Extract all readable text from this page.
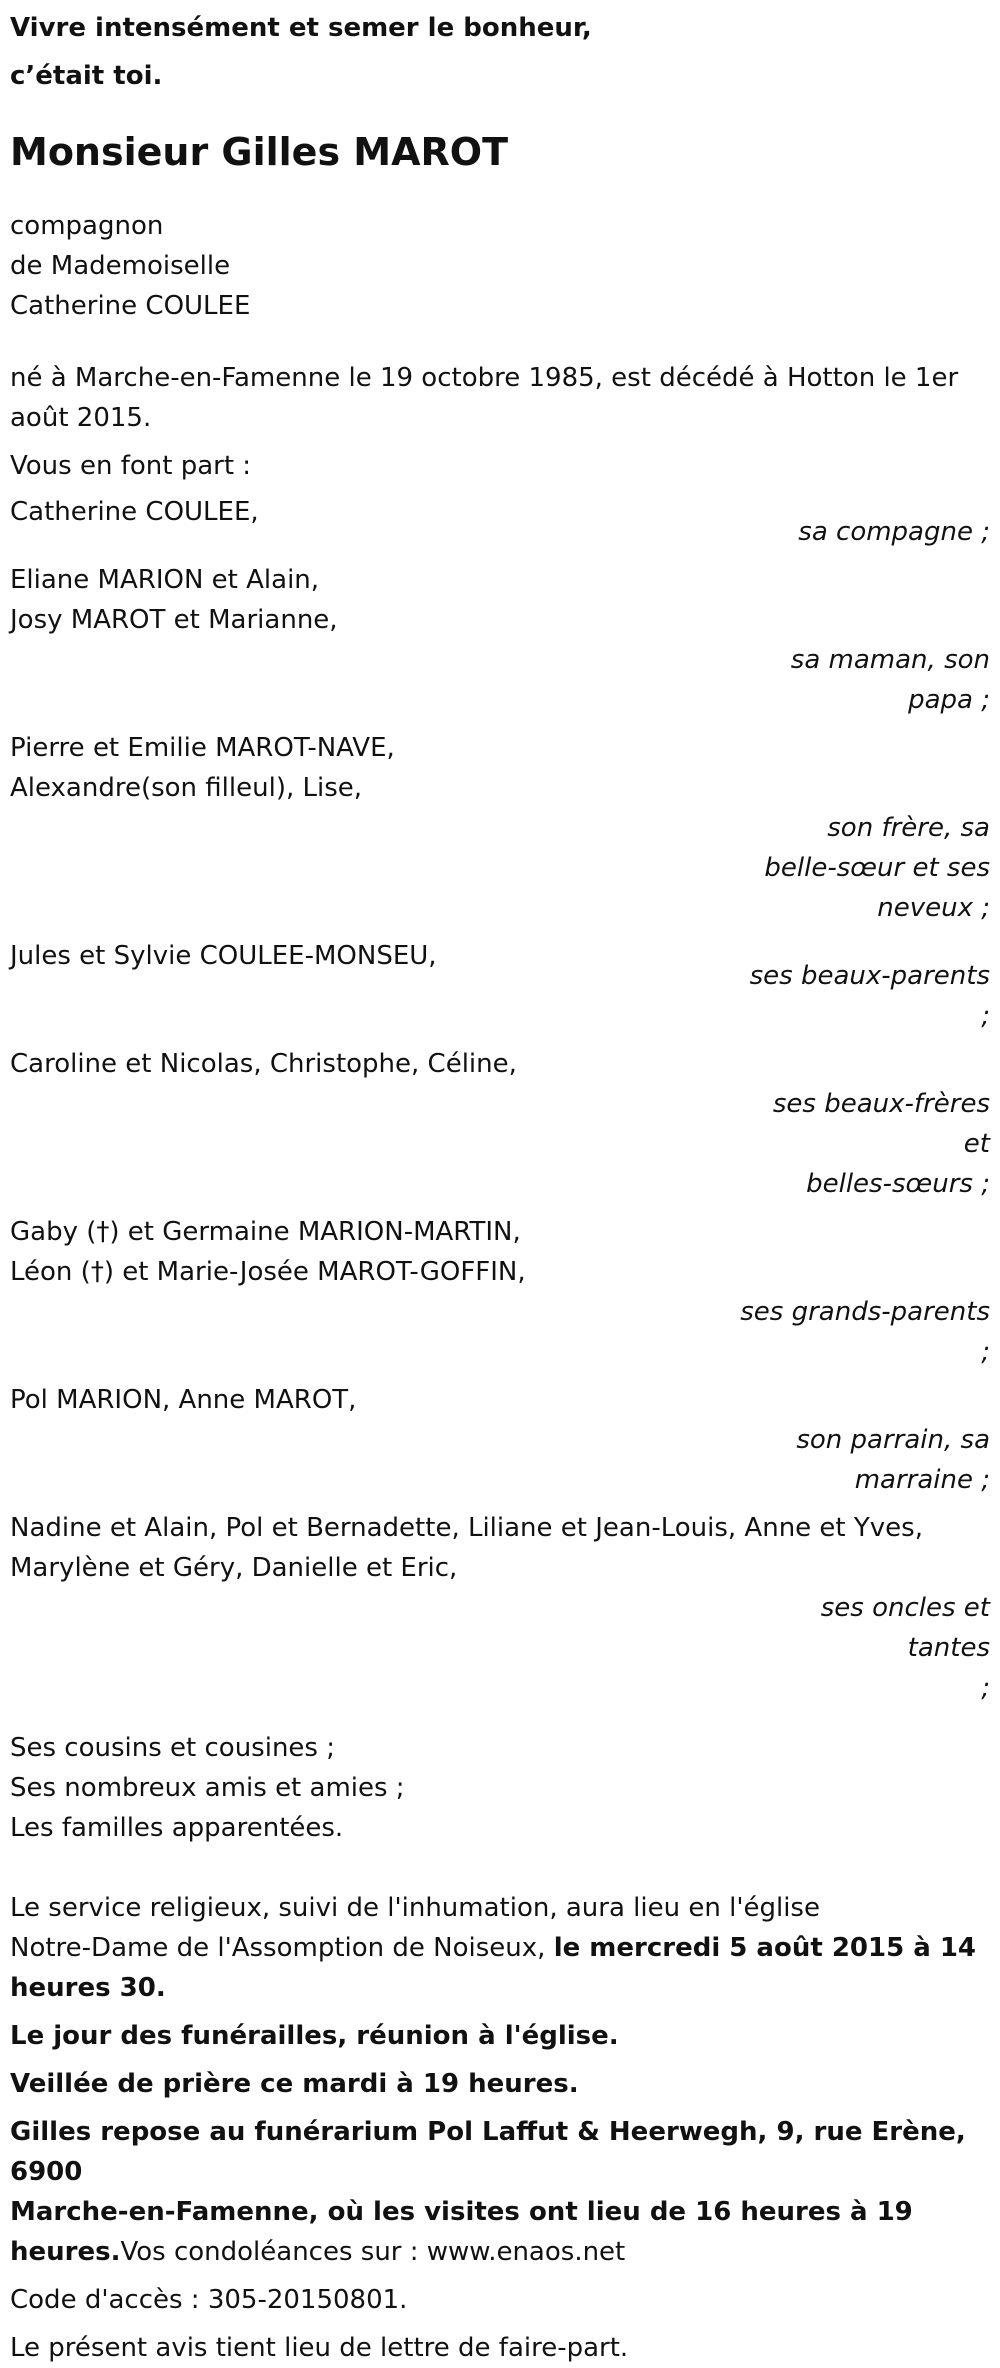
Vivre intensément et semer le bonheur,
c’était toi.
Monsieur Gilles MAROT
compagnon
de Mademoiselle
Catherine COULEE
né à Marche-en-Famenne le 19 octobre 1985, est décédé à Hotton le 1er
août 2015.
Vous en font part :
Catherine COULEE,
sa compagne ;
Eliane MARION et Alain,
Josy MAROT et Marianne,
sa maman, son
papa ;
Pierre et Emilie MAROT-NAVE,
Alexandre(son filleul), Lise,
son frère, sa
belle-sœur et ses
neveux ;
Jules et Sylvie COULEE-MONSEU,
ses beaux-parents ;
Caroline et Nicolas, Christophe, Céline,
ses beaux-frères et
belles-sœurs ;
Gaby (†) et Germaine MARION-MARTIN,
Léon (†) et Marie-Josée MAROT-GOFFIN,
ses grands-parents ;
Pol MARION, Anne MAROT,
son parrain, sa
marraine ;
Nadine et Alain, Pol et Bernadette, Liliane et Jean-Louis, Anne et Yves,
Marylène et Géry, Danielle et Eric,
ses oncles et tantes
;
Ses cousins et cousines ;
Ses nombreux amis et amies ;
Les familles apparentées.
Le service religieux, suivi de l'inhumation, aura lieu en l'église
Notre-Dame de l'Assomption de Noiseux, le mercredi 5 août 2015 à 14
heures 30.

Le jour des funérailles, réunion à l'église.

Veillée de prière ce mardi à 19 heures.

Gilles repose au funérarium Pol Laffut & Heerwegh, 9, rue Erène, 6900
Marche-en-Famenne, où les visites ont lieu de 16 heures à 19
heures.Vos condoléances sur : www.enaos.net

Code d'accès : 305-20150801.

Le présent avis tient lieu de lettre de faire-part.
